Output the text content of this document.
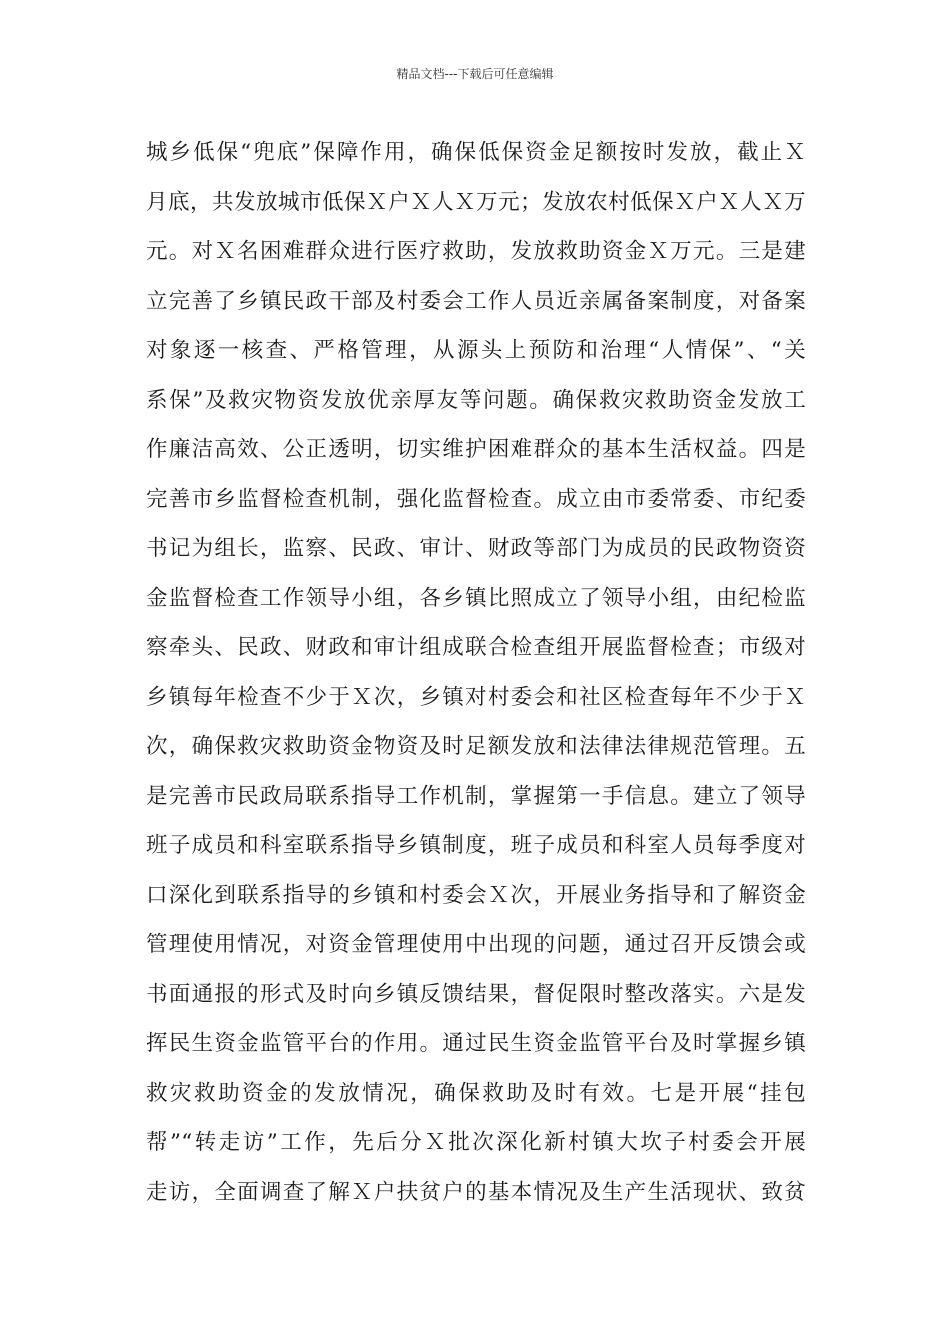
精品文档---下载后可任意编辑
城乡低保“兜底”保障作用，确保低保资金足额按时发放，截止Ｘ
月底，共发放城市低保Ｘ户Ｘ人Ｘ万元；发放农村低保Ｘ户Ｘ人Ｘ万
元。对Ｘ名困难群众进行医疗救助，发放救助资金Ｘ万元。三是建
立完善了乡镇民政干部及村委会工作人员近亲属备案制度，对备案
对象逐一核查、严格管理，从源头上预防和治理“人情保”、“关
系保”及救灾物资发放优亲厚友等问题。确保救灾救助资金发放工
作廉洁高效、公正透明，切实维护困难群众的基本生活权益。四是
完善市乡监督检查机制，强化监督检查。成立由市委常委、市纪委
书记为组长，监察、民政、审计、财政等部门为成员的民政物资资
金监督检查工作领导小组，各乡镇比照成立了领导小组，由纪检监
察牵头、民政、财政和审计组成联合检查组开展监督检查；市级对
乡镇每年检查不少于Ｘ次，乡镇对村委会和社区检查每年不少于Ｘ
次，确保救灾救助资金物资及时足额发放和法律法律规范管理。五
是完善市民政局联系指导工作机制，掌握第一手信息。建立了领导
班子成员和科室联系指导乡镇制度，班子成员和科室人员每季度对
口深化到联系指导的乡镇和村委会Ｘ次，开展业务指导和了解资金
管理使用情况，对资金管理使用中出现的问题，通过召开反馈会或
书面通报的形式及时向乡镇反馈结果，督促限时整改落实。六是发
挥民生资金监管平台的作用。通过民生资金监管平台及时掌握乡镇
救灾救助资金的发放情况，确保救助及时有效。七是开展“挂包
帮”“转走访”工作，先后分Ｘ批次深化新村镇大坎子村委会开展
走访，全面调查了解Ｘ户扶贫户的基本情况及生产生活现状、致贫
